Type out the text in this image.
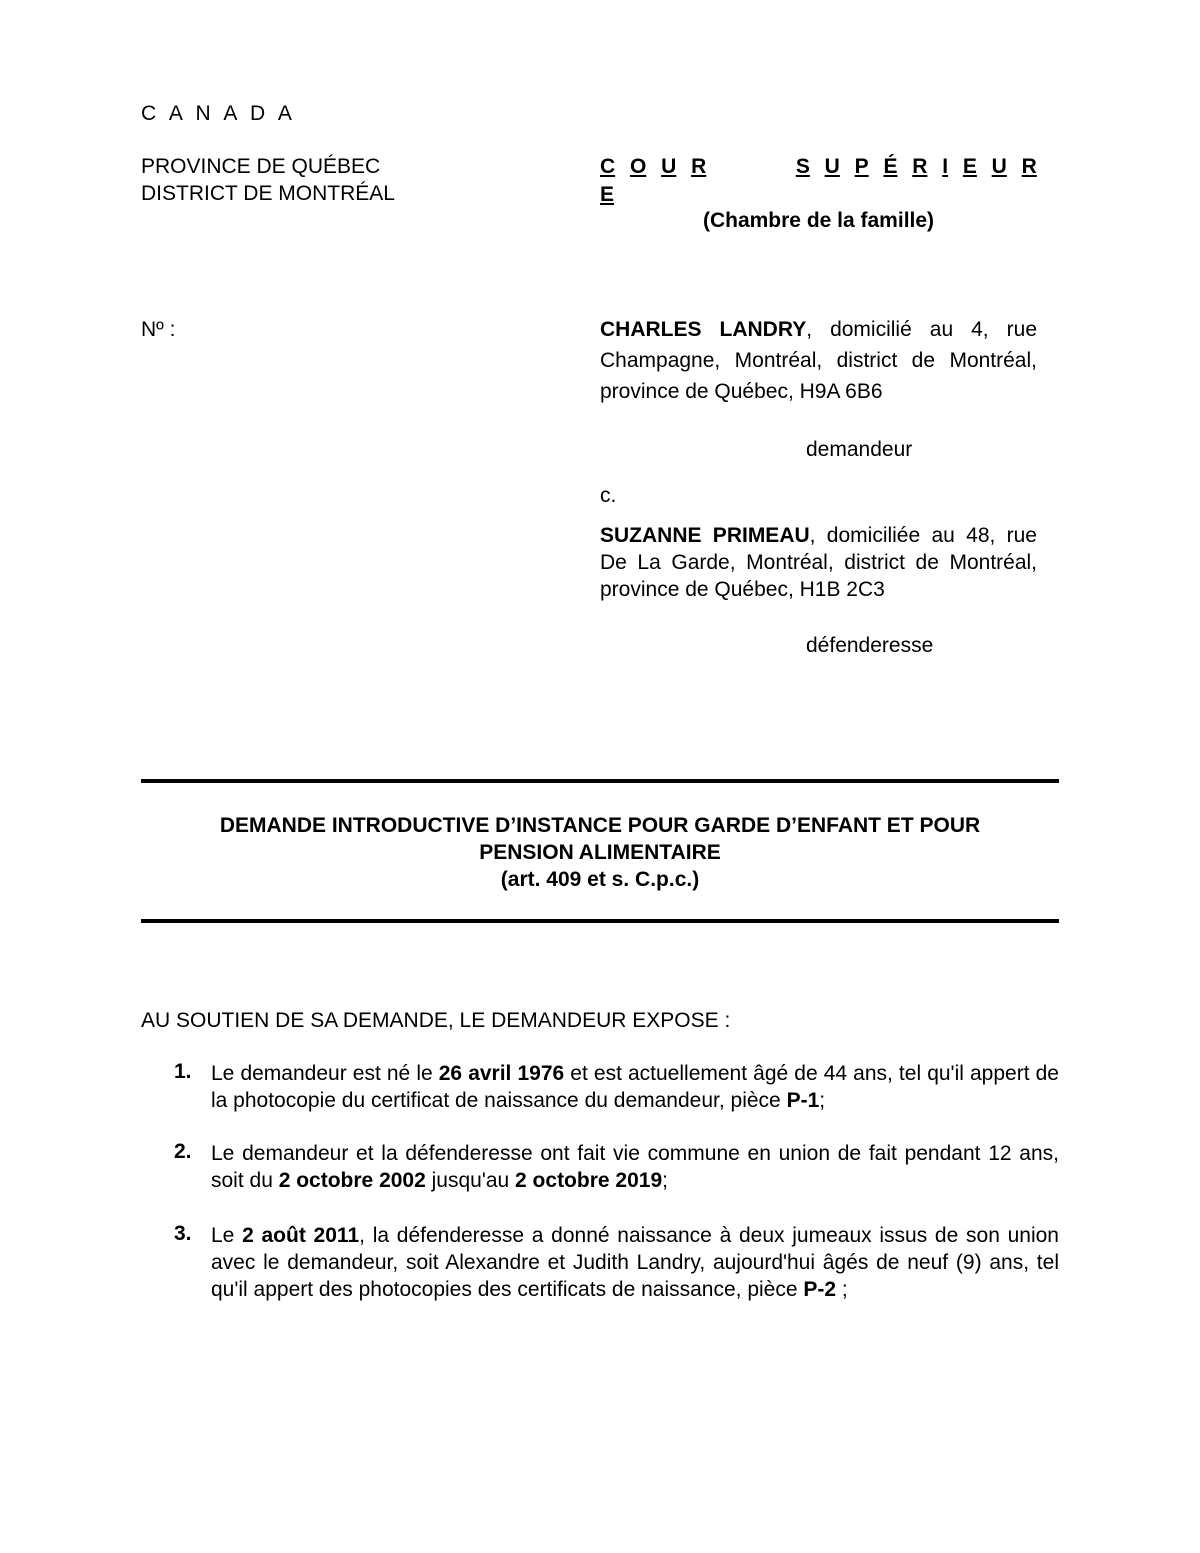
C A N A D A
PROVINCE DE QUÉBEC
DISTRICT DE MONTRÉAL
C O U R	S U P É R I E U R
E
(Chambre de la famille)
Nº :	CHARLES LANDRY, domicilié au 4, rue Champagne, Montréal, district de Montréal, province de Québec, H9A 6B6
demandeur
c.
SUZANNE PRIMEAU, domiciliée au 48, rue De La Garde, Montréal, district de Montréal, province de Québec, H1B 2C3
défenderesse
DEMANDE INTRODUCTIVE D’INSTANCE POUR GARDE D’ENFANT ET POUR
PENSION ALIMENTAIRE
(art. 409 et s. C.p.c.)
AU SOUTIEN DE SA DEMANDE, LE DEMANDEUR EXPOSE :
1. Le demandeur est né le 26 avril 1976 et est actuellement âgé de 44 ans, tel qu'il appert de la photocopie du certificat de naissance du demandeur, pièce P-1;
2. Le demandeur et la défenderesse ont fait vie commune en union de fait pendant 12 ans, soit du 2 octobre 2002 jusqu'au 2 octobre 2019;
3. Le 2 août 2011, la défenderesse a donné naissance à deux jumeaux issus de son union avec le demandeur, soit Alexandre et Judith Landry, aujourd'hui âgés de neuf (9) ans, tel qu'il appert des photocopies des certificats de naissance, pièce P-2 ;
